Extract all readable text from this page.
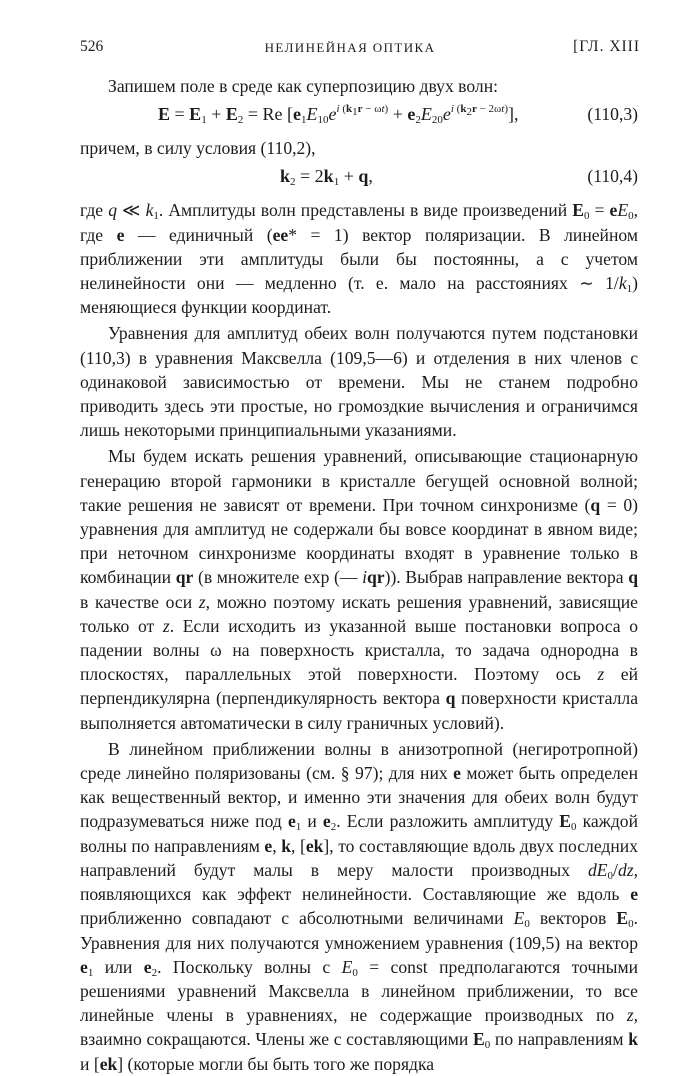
526	НЕЛИНЕЙНАЯ ОПТИКА	[ГЛ. XIII

Запишем поле в среде как суперпозицию двух волн:

$E = E_1 + E_2 = Re$ $[e_1E_{10}e^{i (k_1r - \omega t)} + e_2E_{20}e^{i (k_2r - 2\omega t)}]$,	(110,3)

причем, в силу условия (110,2),

$k_2 = 2k_1 + q$,	(110,4)

где q ≪ $k_1$. Амплитуды волн представлены в виде произведений $E_0 = eE_0$, где e — единичный (ee* = 1) вектор поляризации. В линейном приближении эти амплитуды были бы постоянны, а с учетом нелинейности они — медленно (т. е. мало на расстояниях ∼ $1/k_1$) меняющиеся функции координат.

Уравнения для амплитуд обеих волн получаются путем подстановки (110,3) в уравнения Максвелла (109,5—6) и отделения в них членов с одинаковой зависимостью от времени. Мы не станем подробно приводить здесь эти простые, но громоздкие вычисления и ограничимся лишь некоторыми принципиальными указаниями.

Мы будем искать решения уравнений, описывающие стационарную генерацию второй гармоники в кристалле бегущей основной волной; такие решения не зависят от времени. При точном синхронизме (q = 0) уравнения для амплитуд не содержали бы вовсе координат в явном виде; при неточном синхронизме координаты входят в уравнение только в комбинации qr (в множителе exp (— iqr)). Выбрав направление вектора q в качестве оси z, можно поэтому искать решения уравнений, зависящие только от z. Если исходить из указанной выше постановки вопроса о падении волны ω на поверхность кристалла, то задача однородна в плоскостях, параллельных этой поверхности. Поэтому ось z ей перпендикулярна (перпендикулярность вектора q поверхности кристалла выполняется автоматически в силу граничных условий).

В линейном приближении волны в анизотропной (негиротропной) среде линейно поляризованы (см. § 97); для них e может быть определен как вещественный вектор, и именно эти значения для обеих волн будут подразумеваться ниже под $e_1$ и $e_2$. Если разложить амплитуду $E_0$ каждой волны по направлениям e, k, [ek], то составляющие вдоль двух последних направлений будут малы в меру малости производных $dE_0/dz$, появляющихся как эффект нелинейности. Составляющие же вдоль e приближенно совпадают с абсолютными величинами $E_0$ векторов $E_0$. Уравнения для них получаются умножением уравнения (109,5) на вектор $e_1$ или $e_2$. Поскольку волны с $E_0$ = const предполагаются точными решениями уравнений Максвелла в линейном приближении, то все линейные члены в уравнениях, не содержащие производных по z, взаимно сокращаются. Члены же с составляющими $E_0$ по направлениям k и [ek] (которые могли бы быть того же порядка
